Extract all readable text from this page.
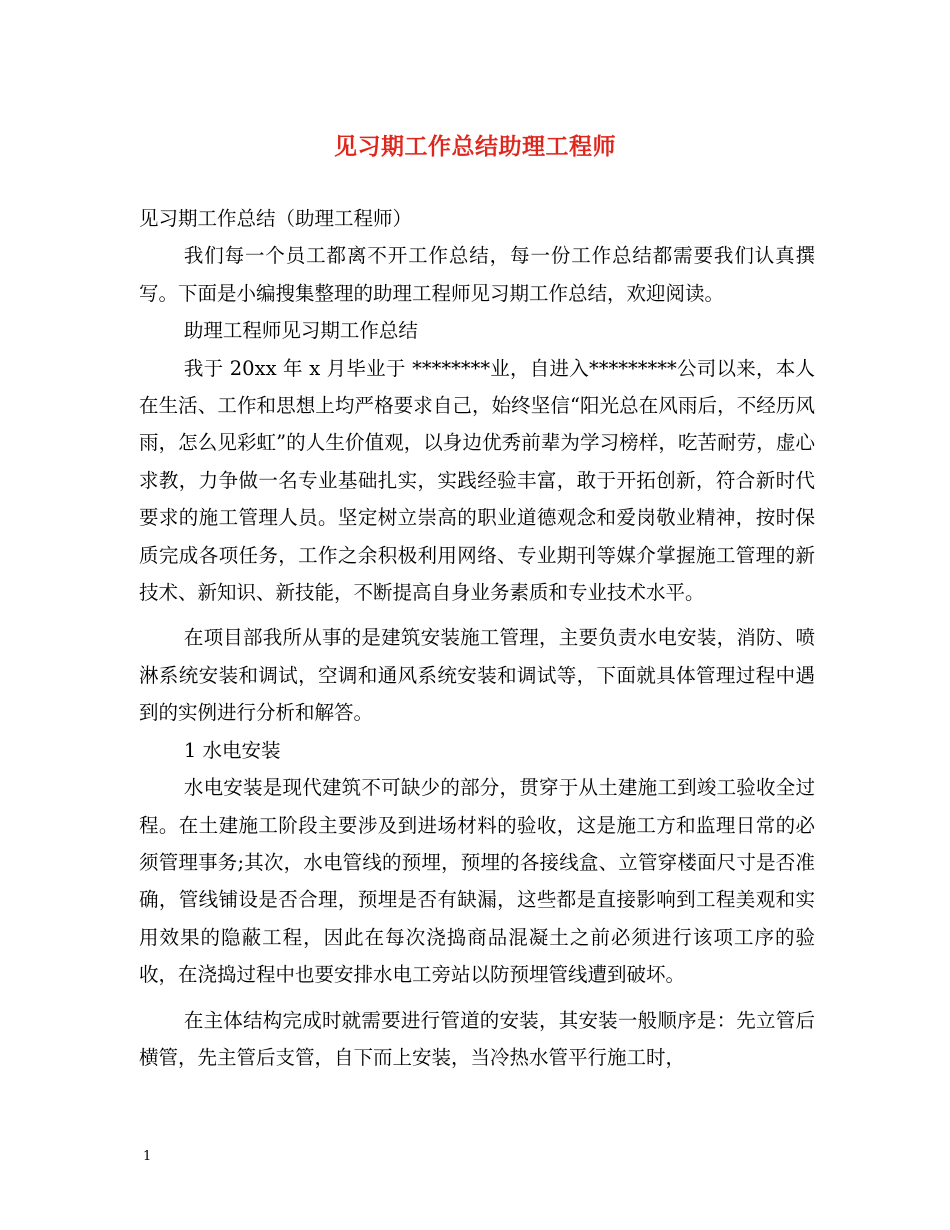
见习期工作总结助理工程师

见习期工作总结（助理工程师）

我们每一个员工都离不开工作总结，每一份工作总结都需要我们认真撰写。下面是小编搜集整理的助理工程师见习期工作总结，欢迎阅读。

助理工程师见习期工作总结

我于 20xx 年 x 月毕业于 ********业，自进入*********公司以来，本人在生活、工作和思想上均严格要求自己，始终坚信“阳光总在风雨后，不经历风雨，怎么见彩虹”的人生价值观，以身边优秀前辈为学习榜样，吃苦耐劳，虚心求教，力争做一名专业基础扎实，实践经验丰富，敢于开拓创新，符合新时代要求的施工管理人员。坚定树立崇高的职业道德观念和爱岗敬业精神，按时保质完成各项任务，工作之余积极利用网络、专业期刊等媒介掌握施工管理的新技术、新知识、新技能，不断提高自身业务素质和专业技术水平。

在项目部我所从事的是建筑安装施工管理，主要负责水电安装，消防、喷淋系统安装和调试，空调和通风系统安装和调试等，下面就具体管理过程中遇到的实例进行分析和解答。

1 水电安装

水电安装是现代建筑不可缺少的部分，贯穿于从土建施工到竣工验收全过程。在土建施工阶段主要涉及到进场材料的验收，这是施工方和监理日常的必须管理事务;其次，水电管线的预埋，预埋的各接线盒、立管穿楼面尺寸是否准确，管线铺设是否合理，预埋是否有缺漏，这些都是直接影响到工程美观和实用效果的隐蔽工程，因此在每次浇捣商品混凝土之前必须进行该项工序的验收，在浇捣过程中也要安排水电工旁站以防预埋管线遭到破坏。

在主体结构完成时就需要进行管道的安装，其安装一般顺序是：先立管后横管，先主管后支管，自下而上安装，当冷热水管平行施工时，

1
